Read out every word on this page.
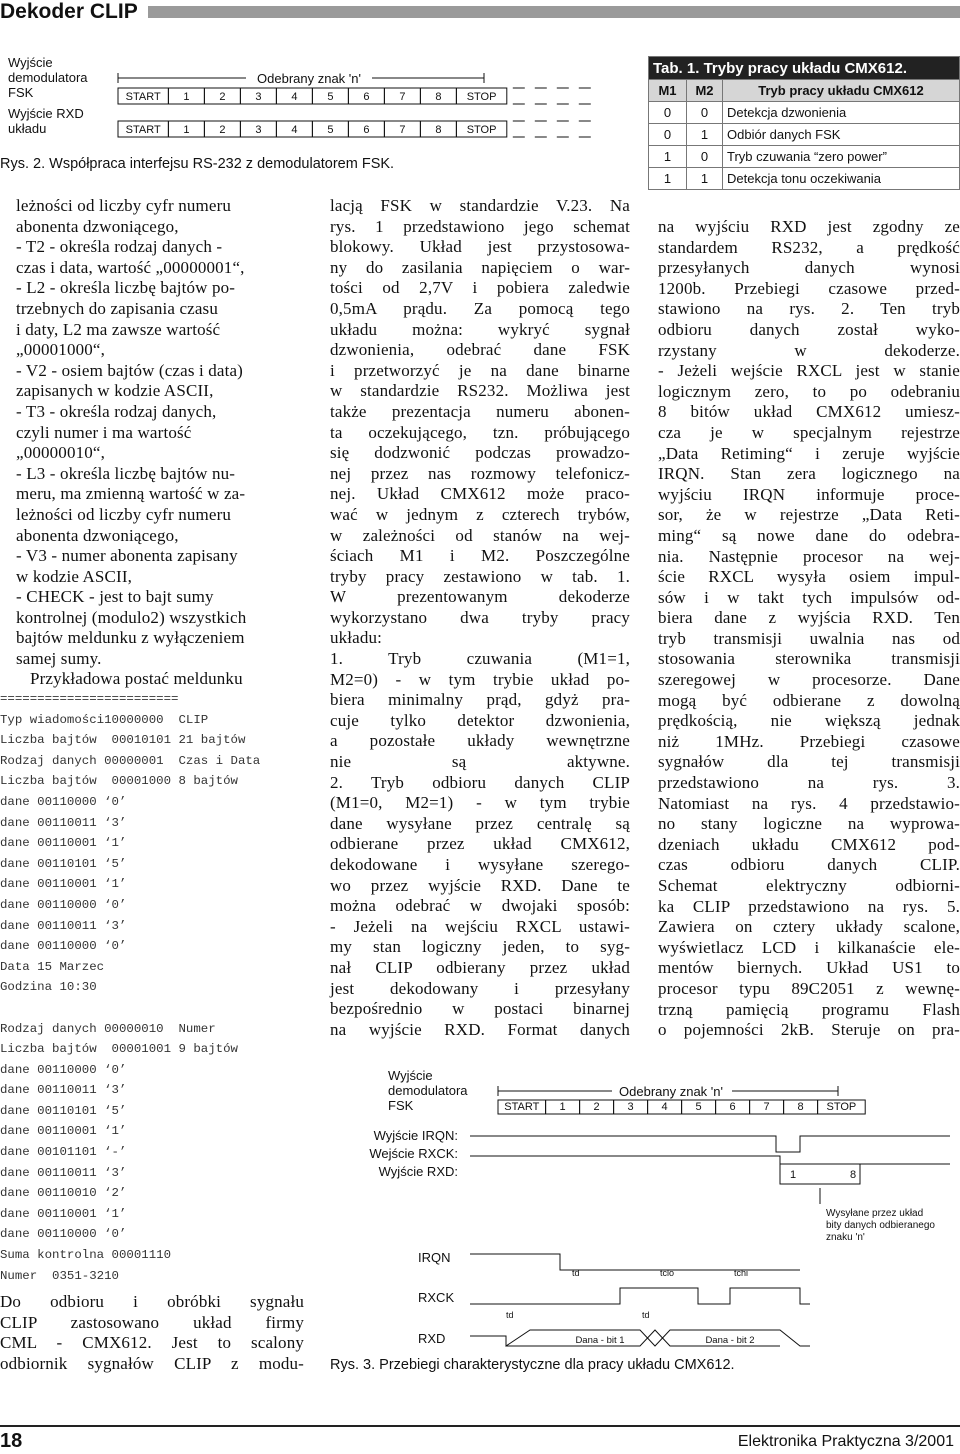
Dekoder CLIP
Wyjście
demodulatora
FSK
Wyjście RXD
układu
Odebrany znak 'n'
START 1	2	3	4	5	6	7	8 STOP
START 1	2	3	4	5	6	7	8 STOP
Rys. 2. Współpraca interfejsu RS-232 z demodulatorem FSK.
Tab. 1. Tryby pracy układu CMX612.		
M1	M2	Tryb pracy układu CMX612
0	0	Detekcja dzwonienia
0	1	Odbiór danych FSK
1	0	Tryb czuwania “zero power”
1	1	Detekcja tonu oczekiwania

leżności od liczby cyfr numeru

abonenta dzwoniącego,

- T2 - określa rodzaj danych -

czas i data, wartość „00000001“,

- L2 - określa liczbę bajtów po-

trzebnych do zapisania czasu

i daty, L2 ma zawsze wartość

„00001000“,

- V2 - osiem bajtów (czas i data)

zapisanych w kodzie ASCII,

- T3 - określa rodzaj danych,

czyli numer i ma wartość

„00000010“,

- L3 - określa liczbę bajtów nu-

meru, ma zmienną wartość w za-

leżności od liczby cyfr numeru

abonenta dzwoniącego,

- V3 - numer abonenta zapisany

w kodzie ASCII,

- CHECK - jest to bajt sumy

kontrolnej (modulo2) wszystkich

bajtów meldunku z wyłączeniem

samej sumy.

Przykładowa postać meldunku

========================
Typ wiadomości10000000  CLIP
Liczba bajtów  00010101 21 bajtów
Rodzaj danych 00000001  Czas i Data
Liczba bajtów  00001000 8 bajtów
dane 00110000 ‘0’
dane 00110011 ‘3’
dane 00110001 ‘1’
dane 00110101 ‘5’
dane 00110001 ‘1’
dane 00110000 ‘0’
dane 00110011 ‘3’
dane 00110000 ‘0’
Data 15 Marzec
Godzina 10:30
Rodzaj danych 00000010  Numer
Liczba bajtów  00001001 9 bajtów
dane 00110000 ‘0’
dane 00110011 ‘3’
dane 00110101 ‘5’
dane 00110001 ‘1’
dane 00101101 ‘-’
dane 00110011 ‘3’
dane 00110010 ‘2’
dane 00110001 ‘1’
dane 00110000 ‘0’
Suma kontrolna 00001110
Numer  0351-3210

Do odbioru i obróbki sygnału

CLIP zastosowano układ firmy

CML - CMX612. Jest to scalony

odbiornik sygnałów CLIP z modu-

lacją FSK w standardzie V.23. Na

rys. 1 przedstawiono jego schemat

blokowy. Układ jest przystosowa-

ny do zasilania napięciem o war-

tości od 2,7V i pobiera zaledwie

0,5mA prądu. Za pomocą tego

układu można: wykryć sygnał

dzwonienia, odebrać dane FSK

i przetworzyć je na dane binarne

w standardzie RS232. Możliwa jest

także prezentacja numeru abonen-

ta oczekującego, tzn. próbującego

się dodzwonić podczas prowadzo-

nej przez nas rozmowy telefonicz-

nej. Układ CMX612 może praco-

wać w jednym z czterech trybów,

w zależności od stanów na wej-

ściach M1 i M2. Poszczególne

tryby pracy zestawiono w tab. 1.

W prezentowanym dekoderze

wykorzystano dwa tryby pracy

układu:

1. Tryb czuwania (M1=1,

M2=0) - w tym trybie układ po-

biera minimalny prąd, gdyż pra-

cuje tylko detektor dzwonienia,

a pozostałe układy wewnętrzne

nie są aktywne.

2. Tryb odbioru danych CLIP

(M1=0, M2=1) - w tym trybie

dane wysyłane przez centralę są

odbierane przez układ CMX612,

dekodowane i wysyłane szerego-

wo przez wyjście RXD. Dane te

można odebrać w dwojaki sposób:

- Jeżeli na wejściu RXCL ustawi-

my stan logiczny jeden, to syg-

nał CLIP odbierany przez układ

jest dekodowany i przesyłany

bezpośrednio w postaci binarnej

na wyjście RXD. Format danych

na wyjściu RXD jest zgodny ze

standardem RS232, a prędkość

przesyłanych danych wynosi

1200b. Przebiegi czasowe przed-

stawiono na rys. 2. Ten tryb

odbioru danych został wyko-

rzystany w dekoderze.

- Jeżeli wejście RXCL jest w stanie

logicznym zero, to po odebraniu

8 bitów układ CMX612 umiesz-

cza je w specjalnym rejestrze

„Data Retiming“ i zeruje wyjście

IRQN. Stan zera logicznego na

wyjściu IRQN informuje proce-

sor, że w rejestrze „Data Reti-

ming“ są nowe dane do odebra-

nia. Następnie procesor na wej-

ście RXCL wysyła osiem impul-

sów i w takt tych impulsów od-

biera dane z wyjścia RXD. Ten

tryb transmisji uwalnia nas od

stosowania sterownika transmisji

szeregowej w procesorze. Dane

mogą być odbierane z dowolną

prędkością, nie większą jednak

niż 1MHz. Przebiegi czasowe

sygnałów dla tej transmisji

przedstawiono na rys. 3.

Natomiast na rys. 4 przedstawio-

no stany logiczne na wyprowa-

dzeniach układu CMX612 pod-

czas odbioru danych CLIP.

Schemat elektryczny odbiorni-

ka CLIP przedstawiono na rys. 5.

Zawiera on cztery układy scalone,

wyświetlacz LCD i kilkanaście ele-

mentów biernych. Układ US1 to

procesor typu 89C2051 z wewnę-

trzną pamięcią programu Flash

o pojemności 2kB. Steruje on pra-

Wyjście
demodulatora
FSK
Odebrany znak 'n'
START 1	2	3	4	5	6	7	8 STOP
Wyjście IRQN:
Wejście RXCK:
Wyjście RXD:	1	8
Wysyłane przez układ
bity danych odbieranego
znaku 'n'
IRQN
RXCK
RXD
td	tclo	tchi
td	td
Dana - bit 1	Dana - bit 2
Rys. 3. Przebiegi charakterystyczne dla pracy układu CMX612.
18	Elektronika Praktyczna 3/2001
